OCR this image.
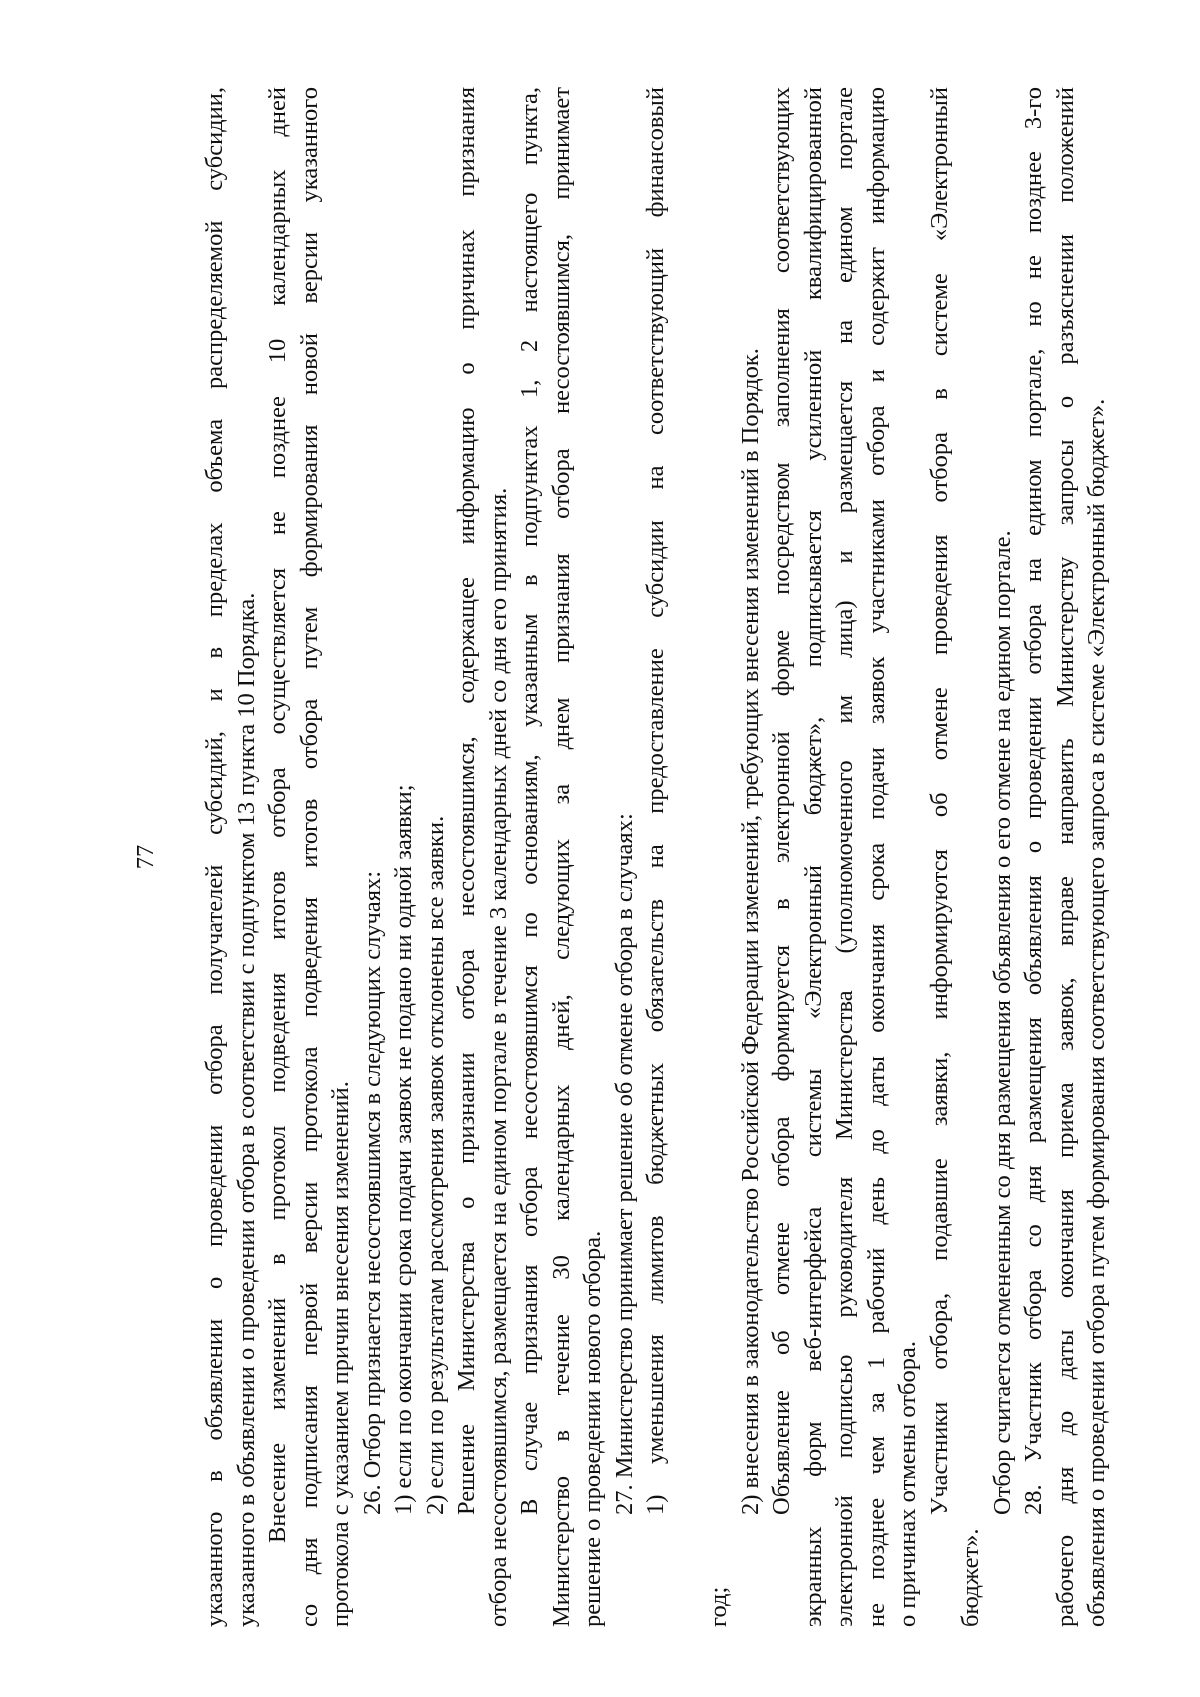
77 указанного в объявлении о проведении отбора получателей субсидий, и в пределах объема распределяемой субсидии, указанного в объявлении о проведении отбора в соответствии с подпунктом 13 пункта 10 Порядка. Внесение изменений в протокол подведения итогов отбора осуществляется не позднее 10 календарных дней со дня подписания первой версии протокола подведения итогов отбора путем формирования новой версии указанного протокола с указанием причин внесения изменений. 26. Отбор признается несостоявшимся в следующих случаях: 1) если по окончании срока подачи заявок не подано ни одной заявки; 2) если по результатам рассмотрения заявок отклонены все заявки. Решение Министерства о признании отбора несостоявшимся, содержащее информацию о причинах признания отбора несостоявшимся, размещается на едином портале в течение 3 календарных дней со дня его принятия. В случае признания отбора несостоявшимся по основаниям, указанным в подпунктах 1, 2 настоящего пункта, Министерство в течение 30 календарных дней, следующих за днем признания отбора несостоявшимся, принимает решение о проведении нового отбора. 27. Министерство принимает решение об отмене отбора в случаях: 1) уменьшения лимитов бюджетных обязательств на предоставление субсидии на соответствующий финансовый
год;
2) внесения в законодательство Российской Федерации изменений, требующих внесения изменений в Порядок. Объявление об отмене отбора формируется в электронной форме посредством заполнения соответствующих экранных форм веб-интерфейса системы «Электронный бюджет», подписывается усиленной квалифицированной электронной подписью руководителя Министерства (уполномоченного им лица) и размещается на едином портале не позднее чем за 1 рабочий день до даты окончания срока подачи заявок участниками отбора и содержит информацию о причинах отмены отбора. Участники отбора, подавшие заявки, информируются об отмене проведения отбора в системе «Электронный
бюджет».
Отбор считается отмененным со дня размещения объявления о его отмене на едином портале. 28. Участник отбора со дня размещения объявления о проведении отбора на едином портале, но не позднее 3-го рабочего дня до даты окончания приема заявок, вправе направить Министерству запросы о разъяснении положений объявления о проведении отбора путем формирования соответствующего запроса в системе «Электронный бюджет».
